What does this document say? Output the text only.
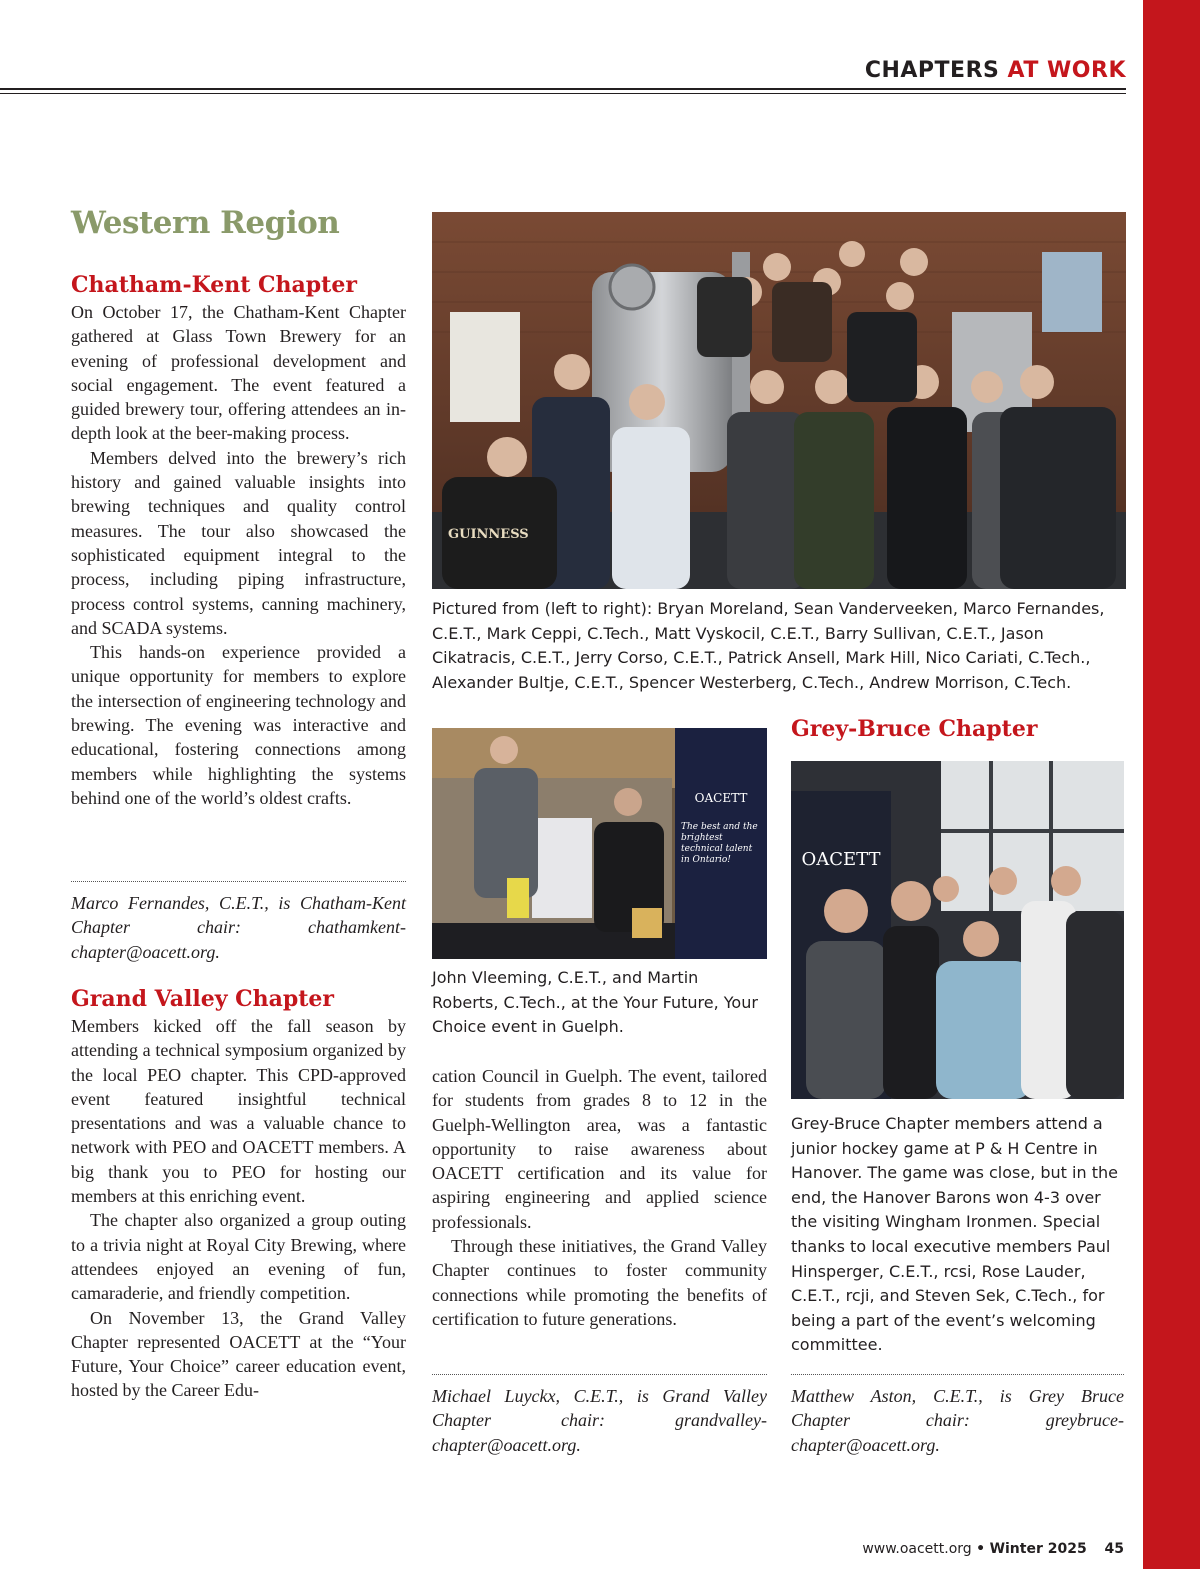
CHAPTERS AT WORK
Western Region
Chatham-Kent Chapter

On October 17, the Chatham-Kent Chapter gathered at Glass Town Brewery for an evening of professional development and social engagement. The event featured a guided brewery tour, offering attendees an in-depth look at the beer-making process.

Members delved into the brewery’s rich history and gained valuable insights into brewing techniques and quality control measures. The tour also showcased the sophisticated equipment integral to the process, including piping infrastructure, process control systems, canning machinery, and SCADA systems.

This hands-on experience provided a unique opportunity for members to explore the intersection of engineering technology and brewing. The evening was interactive and educational, fostering connections among members while highlighting the systems behind one of the world’s oldest crafts.

Marco Fernandes, C.E.T., is Chatham-Kent Chapter chair: chathamkent-chapter@oacett.org.
Grand Valley Chapter

Members kicked off the fall season by attending a technical symposium organized by the local PEO chapter. This CPD-approved event featured insightful technical presentations and was a valuable chance to network with PEO and OACETT members. A big thank you to PEO for hosting our members at this enriching event.

The chapter also organized a group outing to a trivia night at Royal City Brewing, where attendees enjoyed an evening of fun, camaraderie, and friendly competition.

On November 13, the Grand Valley Chapter represented OACETT at the “Your Future, Your Choice” career education event, hosted by the Career Edu-

cation Council in Guelph. The event, tailored for students from grades 8 to 12 in the Guelph-Wellington area, was a fantastic opportunity to raise awareness about OACETT certification and its value for aspiring engineering and applied science professionals.

Through these initiatives, the Grand Valley Chapter continues to foster community connections while promoting the benefits of certification to future generations.

Michael Luyckx, C.E.T., is Grand Valley Chapter chair: grandvalley-chapter@oacett.org.
GUINNESS
Pictured from (left to right): Bryan Moreland, Sean Vanderveeken, Marco Fernandes, C.E.T., Mark Ceppi, C.Tech., Matt Vyskocil, C.E.T., Barry Sullivan, C.E.T., Jason Cikatracis, C.E.T., Jerry Corso, C.E.T., Patrick Ansell, Mark Hill, Nico Cariati, C.Tech., Alexander Bultje, C.E.T., Spencer Westerberg, C.Tech., Andrew Morrison, C.Tech.
OACETT
The best and the brightest technical talent in Ontario!
John Vleeming, C.E.T., and Martin Roberts, C.Tech., at the Your Future, Your Choice event in Guelph.
Grey-Bruce Chapter
OACETT
Grey-Bruce Chapter members attend a junior hockey game at P & H Centre in Hanover. The game was close, but in the end, the Hanover Barons won 4-3 over the visiting Wingham Ironmen. Special thanks to local executive members Paul Hinsperger, C.E.T., rcsi, Rose Lauder, C.E.T., rcji, and Steven Sek, C.Tech., for being a part of the event’s welcoming committee.
Matthew Aston, C.E.T., is Grey Bruce Chapter chair: greybruce-chapter@oacett.org.
www.oacett.org • Winter 2025 45
